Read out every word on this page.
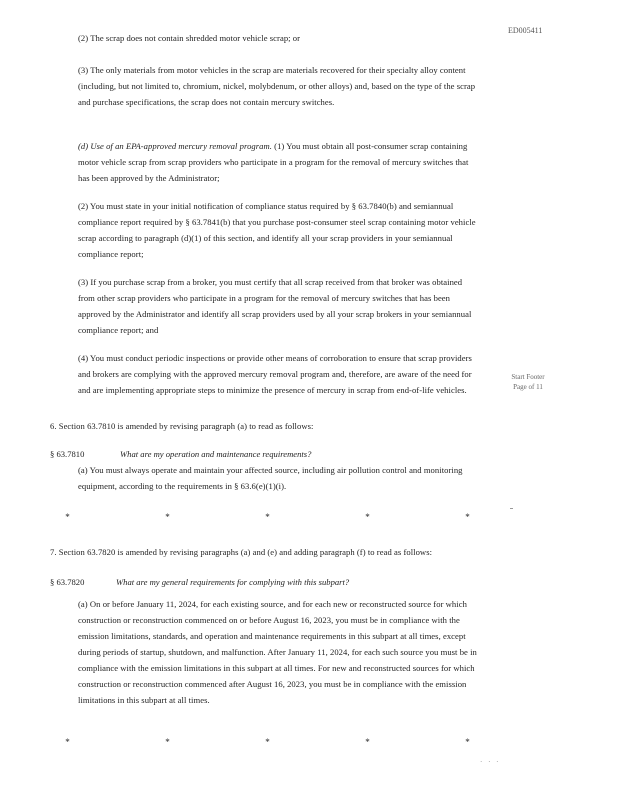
ED005411

(2) The scrap does not contain shredded motor vehicle scrap; or

(3) The only materials from motor vehicles in the scrap are materials recovered for their specialty alloy content (including, but not limited to, chromium, nickel, molybdenum, or other alloys) and, based on the type of the scrap and purchase specifications, the scrap does not contain mercury switches.

(d) Use of an EPA-approved mercury removal program. (1) You must obtain all post-consumer scrap containing motor vehicle scrap from scrap providers who participate in a program for the removal of mercury switches that has been approved by the Administrator;

(2) You must state in your initial notification of compliance status required by § 63.7840(b) and semiannual compliance report required by § 63.7841(b) that you purchase post-consumer steel scrap containing motor vehicle scrap according to paragraph (d)(1) of this section, and identify all your scrap providers in your semiannual compliance report;

(3) If you purchase scrap from a broker, you must certify that all scrap received from that broker was obtained from other scrap providers who participate in a program for the removal of mercury switches that has been approved by the Administrator and identify all scrap providers used by all your scrap brokers in your semiannual compliance report; and

(4) You must conduct periodic inspections or provide other means of corroboration to ensure that scrap providers and brokers are complying with the approved mercury removal program and, therefore, are aware of the need for and are implementing appropriate steps to minimize the presence of mercury in scrap from end-of-life vehicles.

Start Footer
Page of 11

6. Section 63.7810 is amended by revising paragraph (a) to read as follows:

§ 63.7810	What are my operation and maintenance requirements?

(a) You must always operate and maintain your affected source, including air pollution control and monitoring equipment, according to the requirements in § 63.6(e)(1)(i).

*	*	*	*	*

7. Section 63.7820 is amended by revising paragraphs (a) and (e) and adding paragraph (f) to read as follows:

§ 63.7820	What are my general requirements for complying with this subpart?

(a) On or before January 11, 2024, for each existing source, and for each new or reconstructed source for which construction or reconstruction commenced on or before August 16, 2023, you must be in compliance with the emission limitations, standards, and operation and maintenance requirements in this subpart at all times, except during periods of startup, shutdown, and malfunction. After January 11, 2024, for each such source you must be in compliance with the emission limitations in this subpart at all times. For new and reconstructed sources for which construction or reconstruction commenced after August 16, 2023, you must be in compliance with the emission limitations in this subpart at all times.

*	*	*	*	*
· · ·
